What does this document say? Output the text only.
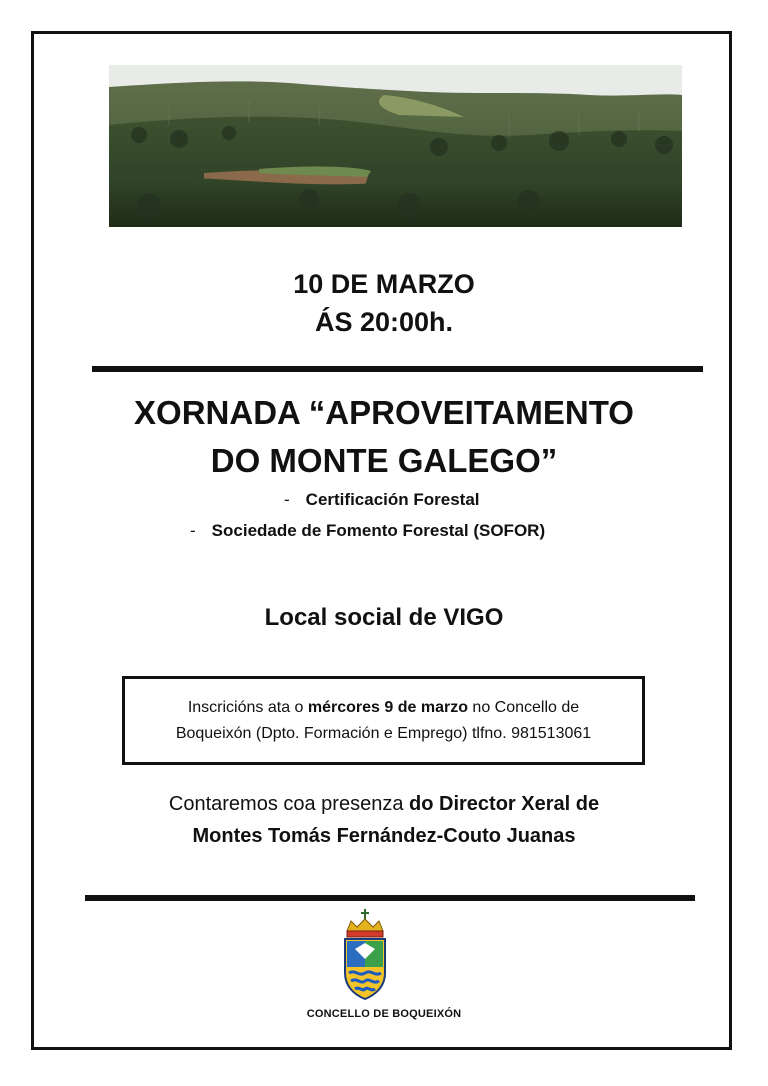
10 DE MARZO
ÁS 20:00h.
XORNADA “APROVEITAMENTO
DO MONTE GALEGO”
- Certificación Forestal
- Sociedade de Fomento Forestal (SOFOR)
Local social de VIGO
Inscricións ata o mércores 9 de marzo no Concello de
Boqueixón (Dpto. Formación e Emprego) tlfno. 981513061
Contaremos coa presenza do Director Xeral de
Montes Tomás Fernández-Couto Juanas
CONCELLO DE BOQUEIXÓN
